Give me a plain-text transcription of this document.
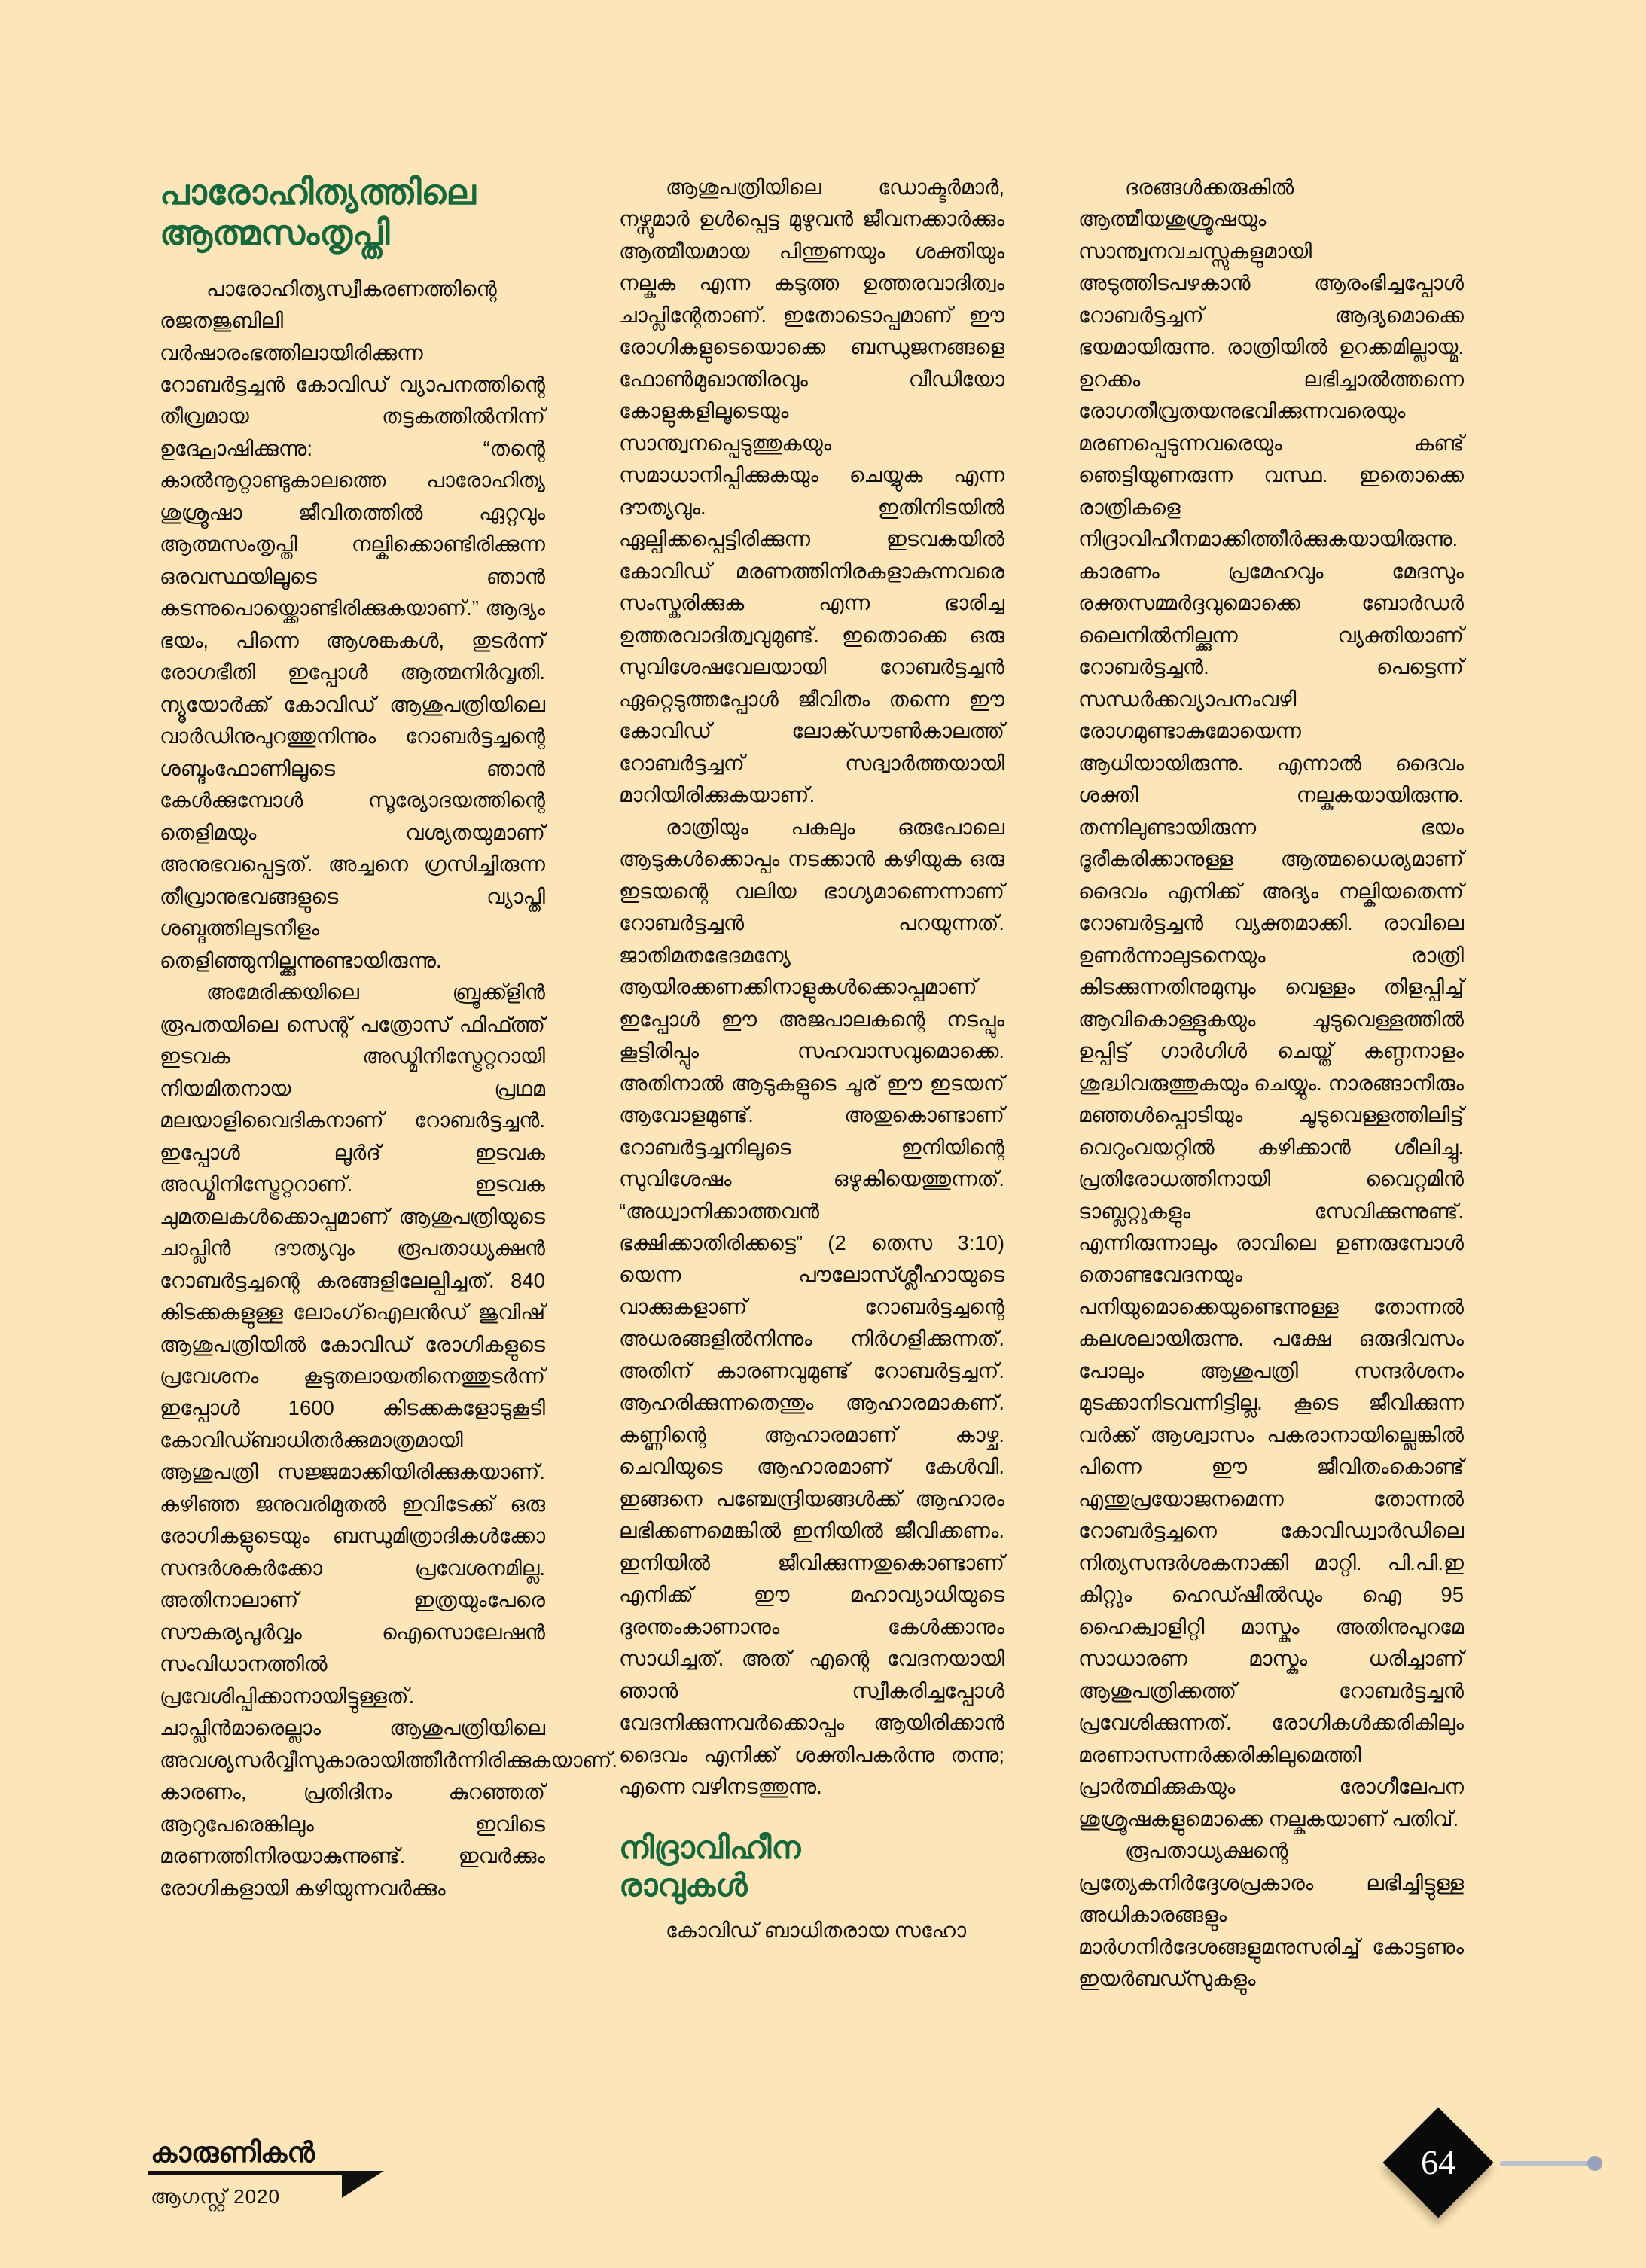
പാരോഹിത്യത്തിലെ
ആത്മസംതൃപ്തി

പാരോഹിത്യസ്വീകരണത്തിന്റെ രജതജുബിലി വർഷാരംഭത്തിലായിരിക്കുന്ന റോബർട്ടച്ചൻ കോവിഡ് വ്യാപനത്തിന്റെ തീവ്രമായ തട്ടകത്തിൽനിന്ന് ഉദ്ഘോഷിക്കുന്നു: “തന്റെ കാൽനൂറ്റാണ്ടുകാലത്തെ പാരോഹിത്യ ശുശ്രൂഷാ ജീവിതത്തിൽ ഏറ്റവും ആത്മസംതൃപ്തി നല്കിക്കൊണ്ടിരിക്കുന്ന ഒരവസ്ഥയിലൂടെ ഞാൻ കടന്നുപൊയ്ക്കൊണ്ടിരിക്കുകയാണ്.” ആദ്യം ഭയം, പിന്നെ ആശങ്കകൾ, തുടർന്ന് രോഗഭീതി ഇപ്പോൾ ആത്മനിർവൃതി. ന്യൂയോർക്ക് കോവിഡ് ആശുപത്രിയിലെ വാർഡിനുപുറത്തുനിന്നും റോബർട്ടച്ചന്റെ ശബ്ദംഫോണിലൂടെ ഞാൻ കേൾക്കുമ്പോൾ സൂര്യോദയത്തിന്റെ തെളിമയും വശ്യതയുമാണ് അനുഭവപ്പെട്ടത്. അച്ചനെ ഗ്രസിച്ചിരുന്ന തീവ്രാനുഭവങ്ങളുടെ വ്യാപ്തി ശബ്ദത്തിലുടനീളം തെളിഞ്ഞുനില്ക്കുന്നുണ്ടായിരുന്നു.

അമേരിക്കയിലെ ബ്രൂക്ക്ളിൻ രൂപതയിലെ സെന്റ് പത്രോസ് ഫിഫ്ത്ത് ഇടവക അഡ്മിനിസ്ട്രേറ്ററായി നിയമിതനായ പ്രഥമ മലയാളിവൈദികനാണ് റോബർട്ടച്ചൻ. ഇപ്പോൾ ലൂർദ് ഇടവക അഡ്മിനിസ്ട്രേറ്ററാണ്. ഇടവക ചുമതലകൾക്കൊപ്പമാണ് ആശുപത്രിയുടെ ചാപ്ലിൻ ദൗത്യവും രൂപതാധ്യക്ഷൻ റോബർട്ടച്ചന്റെ കരങ്ങളിലേല്പിച്ചത്. 840 കിടക്കകളുള്ള ലോംഗ്ഐലൻഡ് ജുവിഷ് ആശുപത്രിയിൽ കോവിഡ് രോഗികളുടെ പ്രവേശനം കൂടുതലായതിനെത്തുടർന്ന് ഇപ്പോൾ 1600 കിടക്കകളോടുകൂടി കോവിഡ്ബാധിതർക്കുമാത്രമായി ആശുപത്രി സജ്ജമാക്കിയിരിക്കുകയാണ്. കഴിഞ്ഞ ജനുവരിമുതൽ ഇവിടേക്ക് ഒരു രോഗികളുടെയും ബന്ധുമിത്രാദികൾക്കോ സന്ദർശകർക്കോ പ്രവേശനമില്ല. അതിനാലാണ് ഇത്രയുംപേരെ സൗകര്യപൂർവ്വം ഐസൊലേഷൻ സംവിധാനത്തിൽ പ്രവേശിപ്പിക്കാനായിട്ടുള്ളത്. ചാപ്ലിൻമാരെല്ലാം ആശുപത്രിയിലെ അവശ്യസർവ്വീസുകാരായിത്തീർന്നിരിക്കുകയാണ്. കാരണം, പ്രതിദിനം കുറഞ്ഞത് ആറുപേരെങ്കിലും ഇവിടെ മരണത്തിനിരയാകുന്നുണ്ട്. ഇവർക്കും രോഗികളായി കഴിയുന്നവർക്കും

ആശുപത്രിയിലെ ഡോക്ടർമാർ, നഴ്സുമാർ ഉൾപ്പെട്ട മുഴുവൻ ജീവനക്കാർക്കും ആത്മീയമായ പിന്തുണയും ശക്തിയും നല്കുക എന്ന കടുത്ത ഉത്തരവാദിത്വം ചാപ്ലിന്റേതാണ്. ഇതോടൊപ്പമാണ് ഈ രോഗികളുടെയൊക്കെ ബന്ധുജനങ്ങളെ ഫോൺമുഖാന്തിരവും വീഡിയോ കോളുകളിലൂടെയും സാന്ത്വനപ്പെടുത്തുകയും സമാധാനിപ്പിക്കുകയും ചെയ്യുക എന്ന ദൗത്യവും. ഇതിനിടയിൽ ഏല്പിക്കപ്പെട്ടിരിക്കുന്ന ഇടവകയിൽ കോവിഡ് മരണത്തിനിരകളാകുന്നവരെ സംസ്കരിക്കുക എന്ന ഭാരിച്ച ഉത്തരവാദിത്വവുമുണ്ട്. ഇതൊക്കെ ഒരു സുവിശേഷവേലയായി റോബർട്ടച്ചൻ ഏറ്റെടുത്തപ്പോൾ ജീവിതം തന്നെ ഈ കോവിഡ് ലോക്ഡൗൺകാലത്ത് റോബർട്ടച്ചന് സദ്വാർത്തയായി മാറിയിരിക്കുകയാണ്.

രാത്രിയും പകലും ഒരുപോലെ ആടുകൾക്കൊപ്പം നടക്കാൻ കഴിയുക ഒരു ഇടയന്റെ വലിയ ഭാഗ്യമാണെന്നാണ് റോബർട്ടച്ചൻ പറയുന്നത്. ജാതിമതഭേദമന്യേ ആയിരക്കണക്കിനാളുകൾക്കൊപ്പമാണ് ഇപ്പോൾ ഈ അജപാലകന്റെ നടപ്പും കൂട്ടിരിപ്പും സഹവാസവുമൊക്കെ. അതിനാൽ ആടുകളുടെ ചൂര് ഈ ഇടയന് ആവോളമുണ്ട്. അതുകൊണ്ടാണ് റോബർട്ടച്ചനിലൂടെ ഇനിയിന്റെ സുവിശേഷം ഒഴുകിയെത്തുന്നത്. “അധ്വാനിക്കാത്തവൻ ഭക്ഷിക്കാതിരിക്കട്ടെ” (2 തെസ 3:10) യെന്ന പൗലോസ്ശ്ലീഹായുടെ വാക്കുകളാണ് റോബർട്ടച്ചന്റെ അധരങ്ങളിൽനിന്നും നിർഗളിക്കുന്നത്. അതിന് കാരണവുമുണ്ട് റോബർട്ടച്ചന്. ആഹരിക്കുന്നതെന്തും ആഹാരമാകണ്. കണ്ണിന്റെ ആഹാരമാണ് കാഴ്ച. ചെവിയുടെ ആഹാരമാണ് കേൾവി. ഇങ്ങനെ പഞ്ചേന്ദ്രിയങ്ങൾക്ക് ആഹാരം ലഭിക്കണമെങ്കിൽ ഇനിയിൽ ജീവിക്കണം. ഇനിയിൽ ജീവിക്കുന്നതുകൊണ്ടാണ് എനിക്ക് ഈ മഹാവ്യാധിയുടെ ദുരന്തംകാണാനും കേൾക്കാനും സാധിച്ചത്. അത് എന്റെ വേദനയായി ഞാൻ സ്വീകരിച്ചപ്പോൾ വേദനിക്കുന്നവർക്കൊപ്പം ആയിരിക്കാൻ ദൈവം എനിക്ക് ശക്തിപകർന്നു തന്നു; എന്നെ വഴിനടത്തുന്നു.

നിദ്രാവിഹീന
രാവുകൾ

കോവിഡ് ബാധിതരായ സഹോ

ദരങ്ങൾക്കരുകിൽ ആത്മീയശുശ്രൂഷയും സാന്ത്വനവചസ്സുകളുമായി അടുത്തിടപഴകാൻ ആരംഭിച്ചപ്പോൾ റോബർട്ടച്ചന് ആദ്യമൊക്കെ ഭയമായിരുന്നു. രാത്രിയിൽ ഉറക്കമില്ലായ്മ. ഉറക്കം ലഭിച്ചാൽത്തന്നെ രോഗതീവ്രതയനുഭവിക്കുന്നവരെയും മരണപ്പെടുന്നവരെയും കണ്ട് ഞെട്ടിയുണരുന്ന വസ്ഥ. ഇതൊക്കെ രാത്രികളെ നിദ്രാവിഹീനമാക്കിത്തീർക്കുകയായിരുന്നു. കാരണം പ്രമേഹവും മേദസും രക്തസമ്മർദ്ദവുമൊക്കെ ബോർഡർ ലൈനിൽനില്ക്കുന്ന വ്യക്തിയാണ് റോബർട്ടച്ചൻ. പെട്ടെന്ന് സന്ധർക്കവ്യാപനംവഴി രോഗമുണ്ടാകുമോയെന്ന ആധിയായിരുന്നു. എന്നാൽ ദൈവം ശക്തി നല്കുകയായിരുന്നു. തന്നിലുണ്ടായിരുന്ന ഭയം ദൂരീകരിക്കാനുള്ള ആത്മധൈര്യമാണ് ദൈവം എനിക്ക് അദ്യം നല്കിയതെന്ന് റോബർട്ടച്ചൻ വ്യക്തമാക്കി. രാവിലെ ഉണർന്നാലുടനെയും രാത്രി കിടക്കുന്നതിനുമുമ്പും വെള്ളം തിളപ്പിച്ച് ആവികൊള്ളുകയും ചൂടുവെള്ളത്തിൽ ഉപ്പിട്ട് ഗാർഗിൾ ചെയ്ത് കണ്ഠനാളം ശുദ്ധിവരുത്തുകയും ചെയ്യും. നാരങ്ങാനീരും മഞ്ഞൾപ്പൊടിയും ചൂടുവെള്ളത്തിലിട്ട് വെറുംവയറ്റിൽ കഴിക്കാൻ ശീലിച്ചു. പ്രതിരോധത്തിനായി വൈറ്റമിൻ ടാബ്ലറ്റുകളും സേവിക്കുന്നുണ്ട്. എന്നിരുന്നാലും രാവിലെ ഉണരുമ്പോൾ തൊണ്ടവേദനയും പനിയുമൊക്കെയുണ്ടെന്നുള്ള തോന്നൽ കലശലായിരുന്നു. പക്ഷേ ഒരുദിവസം പോലും ആശുപത്രി സന്ദർശനം മുടക്കാനിടവന്നിട്ടില്ല. കൂടെ ജീവിക്കുന്ന വർക്ക് ആശ്വാസം പകരാനായില്ലെങ്കിൽ പിന്നെ ഈ ജീവിതംകൊണ്ട് എന്തുപ്രയോജനമെന്ന തോന്നൽ റോബർട്ടച്ചനെ കോവിഡ്വാർഡിലെ നിത്യസന്ദർശകനാക്കി മാറ്റി. പി.പി.ഇ കിറ്റും ഹെഡ്ഷീൽഡും ഐ 95 ഹൈക്വാളിറ്റി മാസ്കും അതിനുപുറമേ സാധാരണ മാസ്കും ധരിച്ചാണ് ആശുപത്രിക്കത്ത് റോബർട്ടച്ചൻ പ്രവേശിക്കുന്നത്. രോഗികൾക്കരികിലും മരണാസന്നർക്കരികിലുമെത്തി പ്രാർത്ഥിക്കുകയും രോഗീലേപന ശുശ്രൂഷകളുമൊക്കെ നല്കുകയാണ് പതിവ്.

രൂപതാധ്യക്ഷന്റെ പ്രത്യേകനിർദ്ദേശപ്രകാരം ലഭിച്ചിട്ടുള്ള അധികാരങ്ങളും മാർഗനിർദേശങ്ങളുമനുസരിച്ച് കോട്ടണും ഇയർബഡ്സുകളും

കാരുണികൻ
ആഗസ്റ്റ് 2020
64
